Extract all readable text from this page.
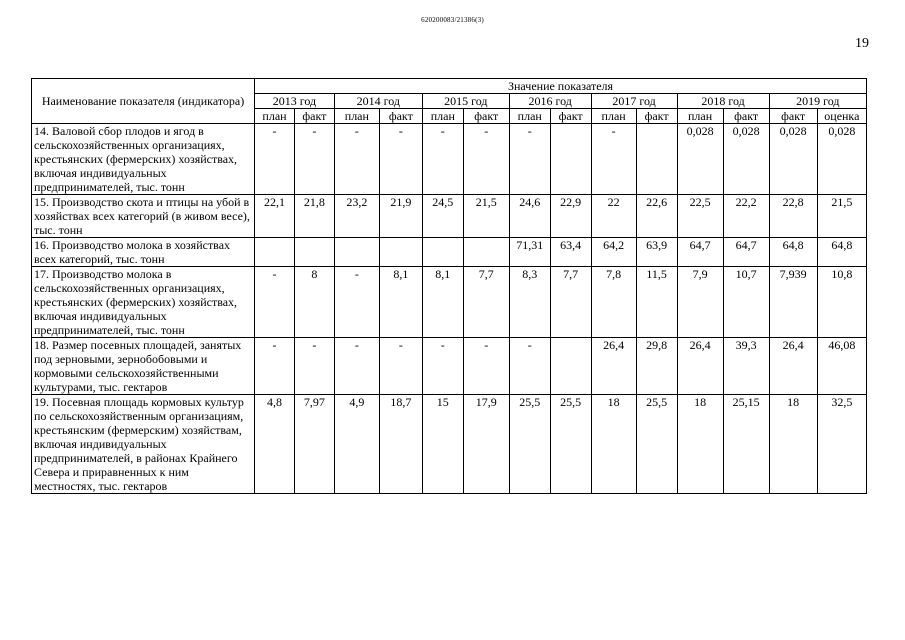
620200083/21386(3)
19
Наименование показателя (индикатора)	Значение показателя													
	2013 год		2014 год		2015 год		2016 год		2017 год		2018 год		2019 год	
	план	факт	план	факт	план	факт	план	факт	план	факт	план	факт	факт	оценка
14. Валовой сбор плодов и ягод в сельскохозяйственных организациях, крестьянских (фермерских) хозяйствах, включая индивидуальных предпринимателей, тыс. тонн	-	-	-	-	-	-	-		-		0,028	0,028	0,028	0,028
15. Производство скота и птицы на убой в хозяйствах всех категорий (в живом весе), тыс. тонн	22,1	21,8	23,2	21,9	24,5	21,5	24,6	22,9	22	22,6	22,5	22,2	22,8	21,5
16. Производство молока в хозяйствах всех категорий, тыс. тонн							71,31	63,4	64,2	63,9	64,7	64,7	64,8	64,8
17. Производство молока в сельскохозяйственных организациях, крестьянских (фермерских) хозяйствах, включая индивидуальных предпринимателей, тыс. тонн	-	8	-	8,1	8,1	7,7	8,3	7,7	7,8	11,5	7,9	10,7	7,939	10,8
18. Размер посевных площадей, занятых под зерновыми, зернобобовыми и кормовыми сельскохозяйственными культурами, тыс. гектаров	-	-	-	-	-	-	-		26,4	29,8	26,4	39,3	26,4	46,08
19. Посевная площадь кормовых культур по сельскохозяйственным организациям, крестьянским (фермерским) хозяйствам, включая индивидуальных предпринимателей, в районах Крайнего Севера и приравненных к ним местностях, тыс. гектаров	4,8	7,97	4,9	18,7	15	17,9	25,5	25,5	18	25,5	18	25,15	18	32,5
